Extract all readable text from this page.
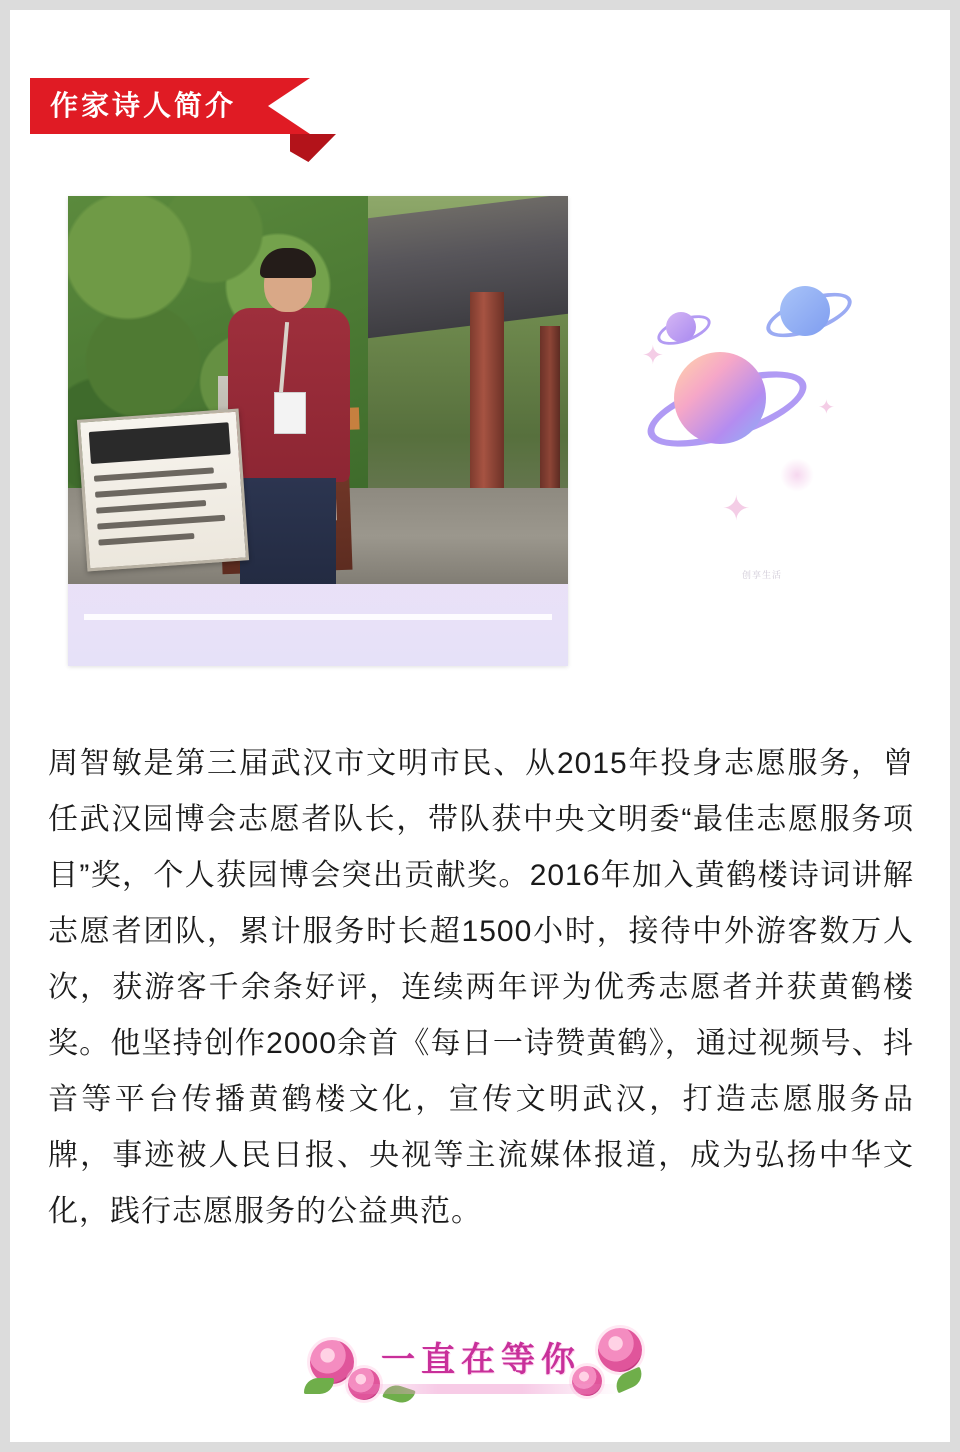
作家诗人简介
✦
✦
✦
创享生活
周智敏是第三届武汉市文明市民、从2015年投身志愿服务，曾任武汉园博会志愿者队长，带队获中央文明委“最佳志愿服务项目”奖，个人获园博会突出贡献奖。2016年加入黄鹤楼诗词讲解志愿者团队，累计服务时长超1500小时，接待中外游客数万人次，获游客千余条好评，连续两年评为优秀志愿者并获黄鹤楼奖。他坚持创作2000余首《每日一诗赞黄鹤》，通过视频号、抖音等平台传播黄鹤楼文化，宣传文明武汉，打造志愿服务品牌，事迹被人民日报、央视等主流媒体报道，成为弘扬中华文化，践行志愿服务的公益典范。
一直在等你
